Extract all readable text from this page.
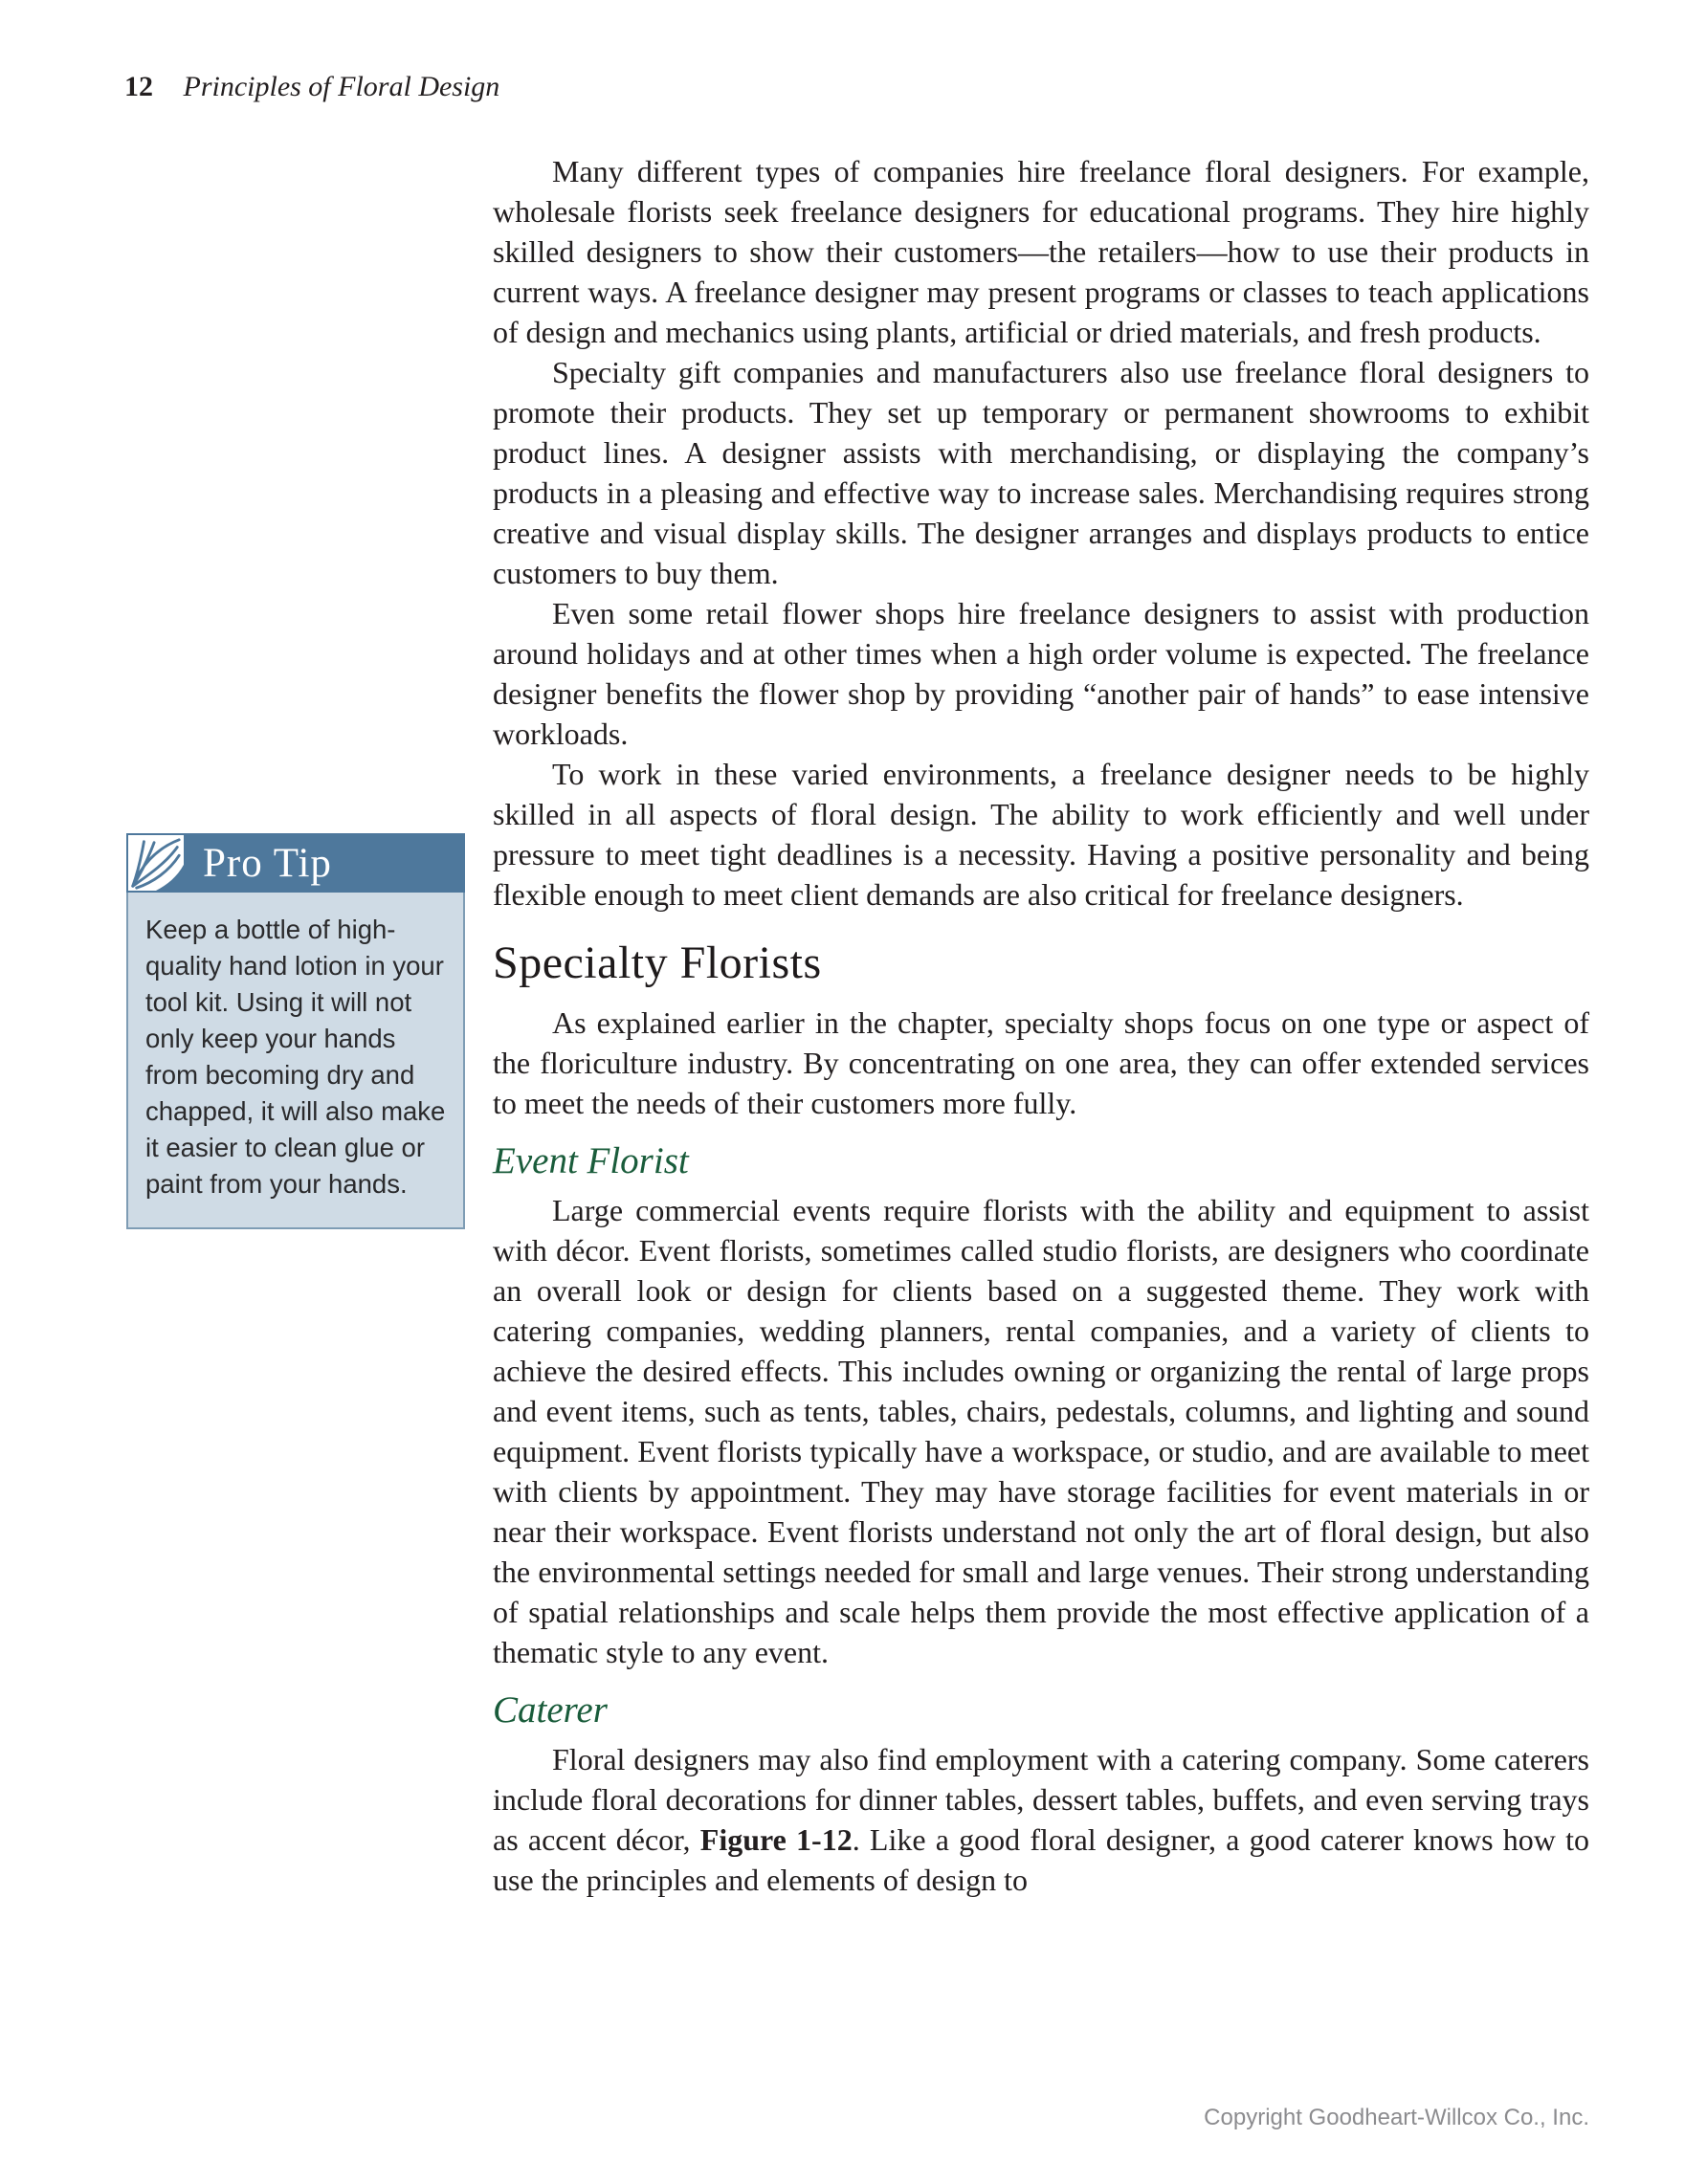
12 Principles of Floral Design
Pro Tip
Keep a bottle of high-quality hand lotion in your tool kit. Using it will not only keep your hands from becoming dry and chapped, it will also make it easier to clean glue or paint from your hands.

Many different types of companies hire freelance floral designers. For example, wholesale florists seek freelance designers for educational programs. They hire highly skilled designers to show their customers—the retailers—how to use their products in current ways. A freelance designer may present programs or classes to teach applications of design and mechanics using plants, artificial or dried materials, and fresh products.

Specialty gift companies and manufacturers also use freelance floral designers to promote their products. They set up temporary or permanent showrooms to exhibit product lines. A designer assists with merchandising, or displaying the company’s products in a pleasing and effective way to increase sales. Merchandising requires strong creative and visual display skills. The designer arranges and displays products to entice customers to buy them.

Even some retail flower shops hire freelance designers to assist with production around holidays and at other times when a high order volume is expected. The freelance designer benefits the flower shop by providing “another pair of hands” to ease intensive workloads.

To work in these varied environments, a freelance designer needs to be highly skilled in all aspects of floral design. The ability to work efficiently and well under pressure to meet tight deadlines is a necessity. Having a positive personality and being flexible enough to meet client demands are also critical for freelance designers.

Specialty Florists

As explained earlier in the chapter, specialty shops focus on one type or aspect of the floriculture industry. By concentrating on one area, they can offer extended services to meet the needs of their customers more fully.

Event Florist

Large commercial events require florists with the ability and equipment to assist with décor. Event florists, sometimes called studio florists, are designers who coordinate an overall look or design for clients based on a suggested theme. They work with catering companies, wedding planners, rental companies, and a variety of clients to achieve the desired effects. This includes owning or organizing the rental of large props and event items, such as tents, tables, chairs, pedestals, columns, and lighting and sound equipment. Event florists typically have a workspace, or studio, and are available to meet with clients by appointment. They may have storage facilities for event materials in or near their workspace. Event florists understand not only the art of floral design, but also the environmental settings needed for small and large venues. Their strong understanding of spatial relationships and scale helps them provide the most effective application of a thematic style to any event.

Caterer

Floral designers may also find employment with a catering company. Some caterers include floral decorations for dinner tables, dessert tables, buffets, and even serving trays as accent décor, Figure 1-12. Like a good floral designer, a good caterer knows how to use the principles and elements of design to

Copyright Goodheart-Willcox Co., Inc.
